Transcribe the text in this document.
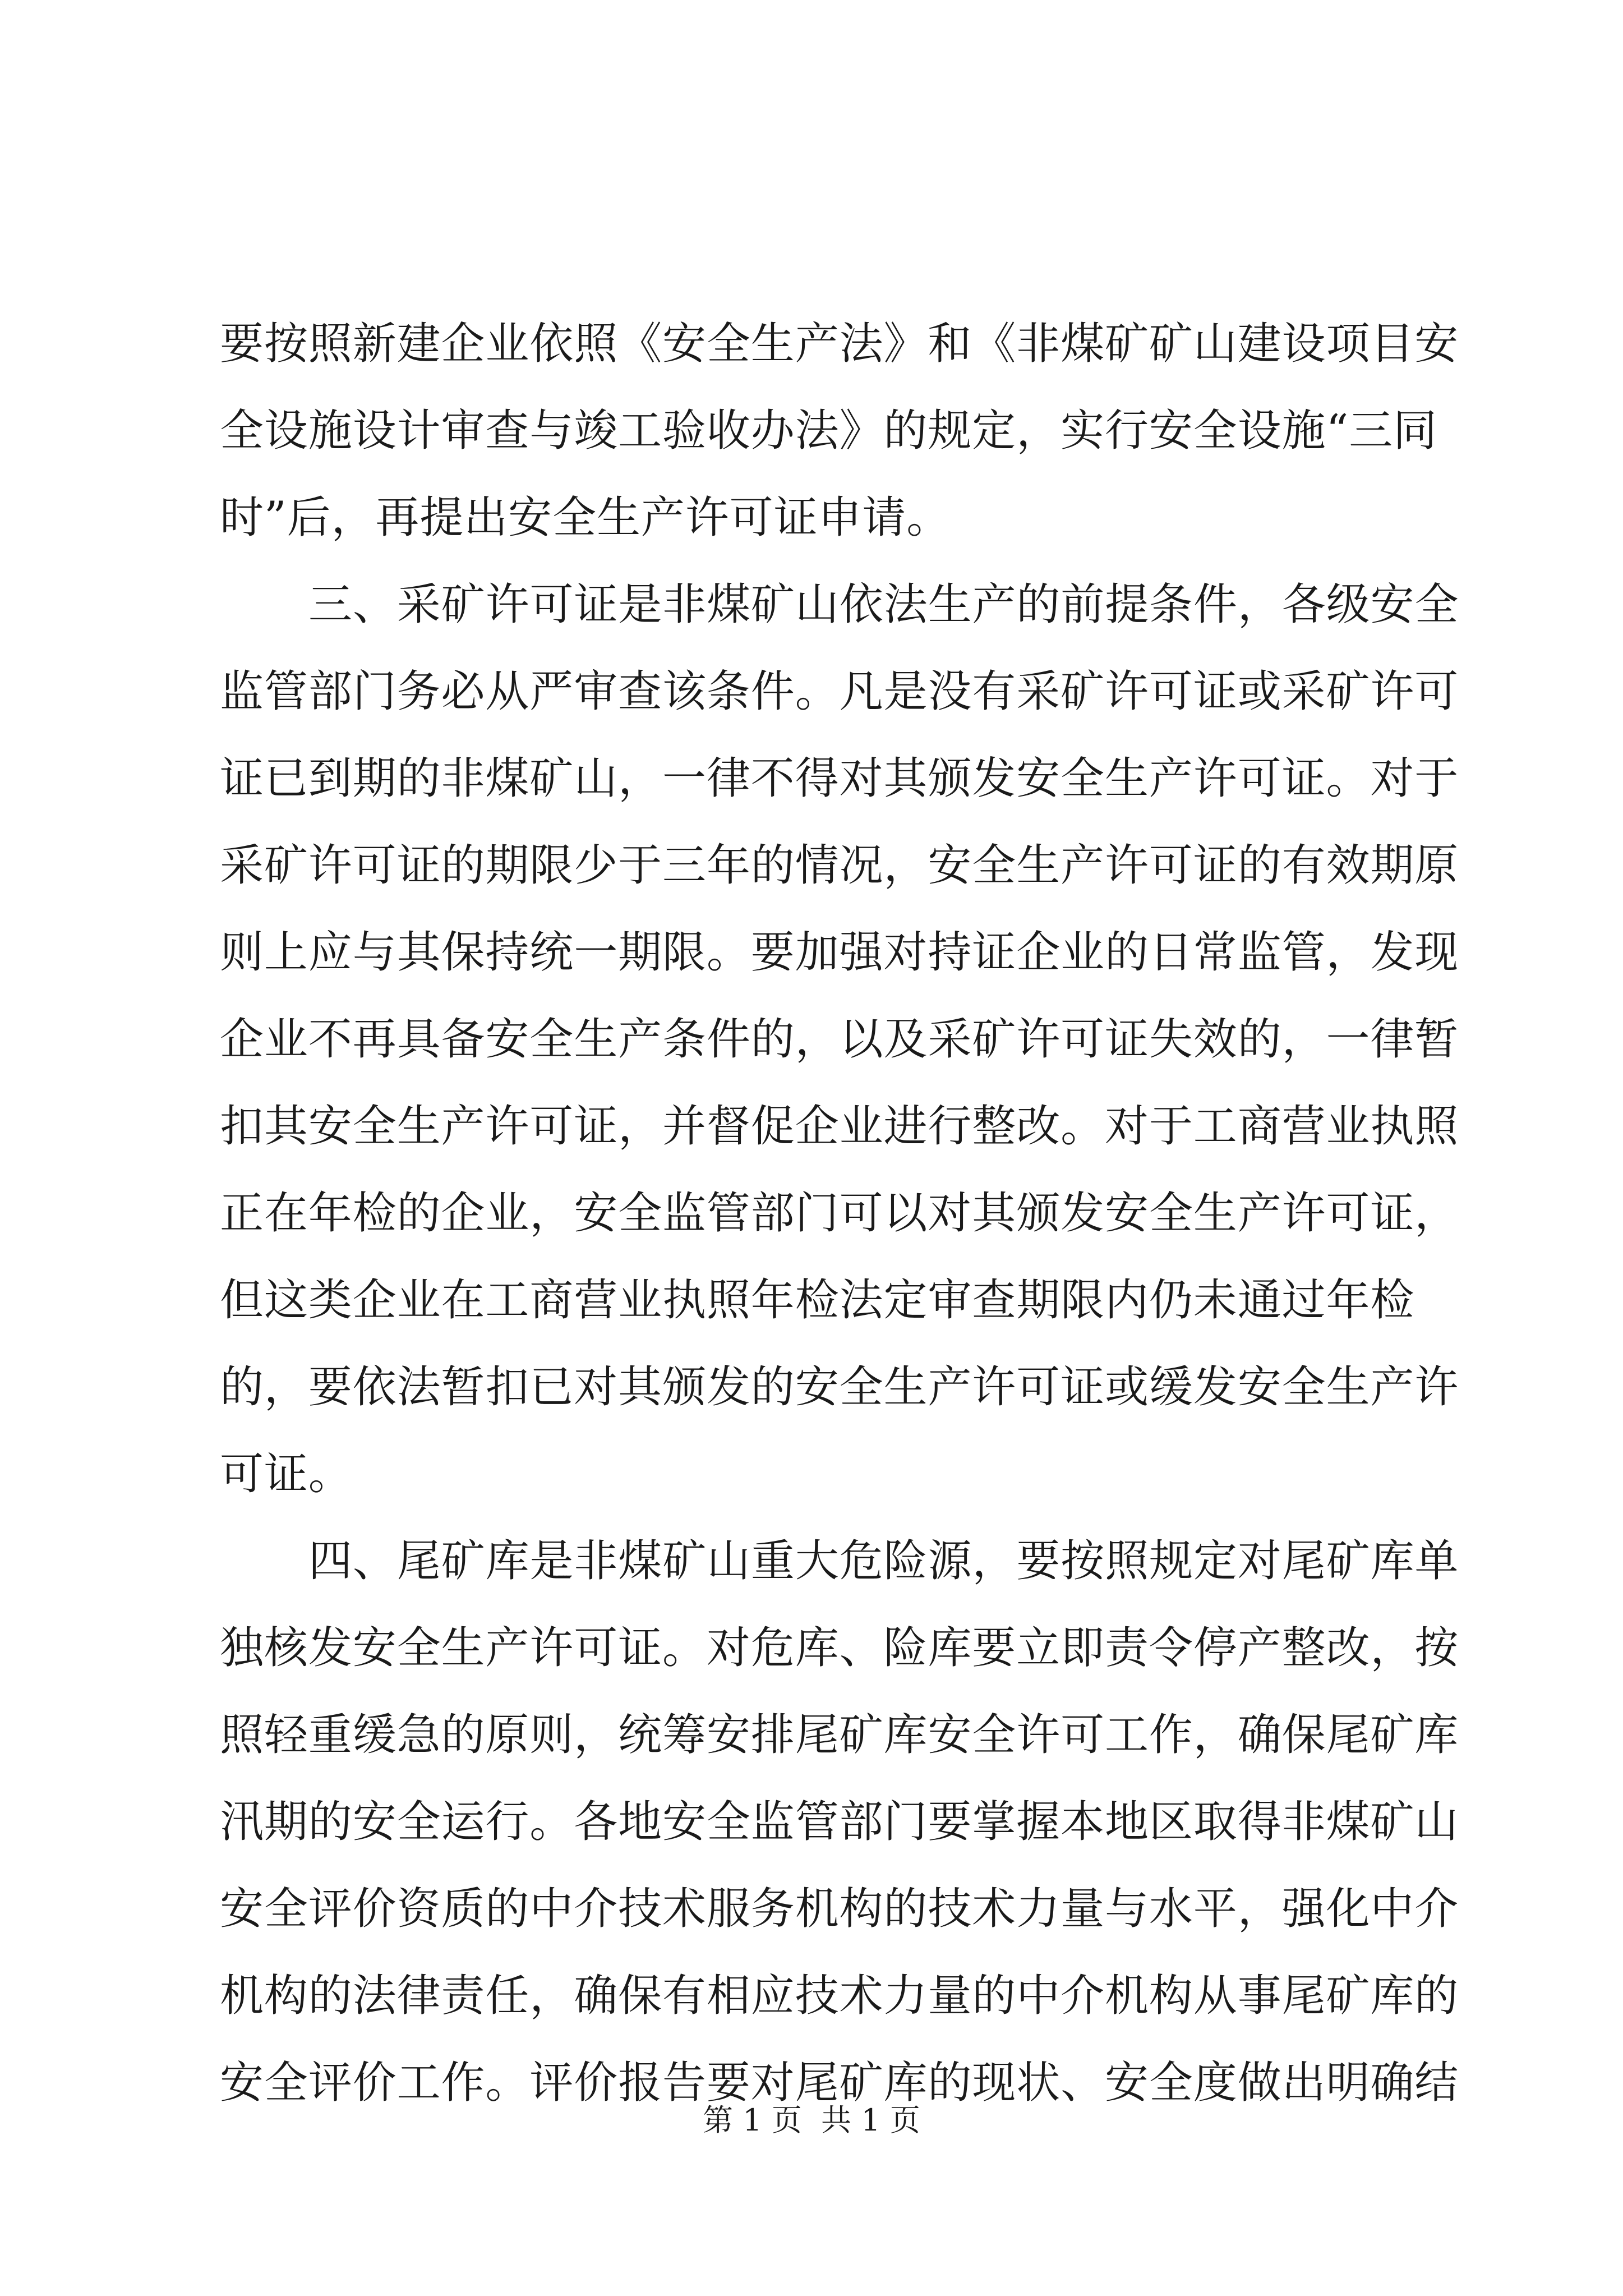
要按照新建企业依照《安全生产法》和《非煤矿矿山建设项目安
全设施设计审查与竣工验收办法》的规定，实行安全设施“三同
时”后，再提出安全生产许可证申请。
三、采矿许可证是非煤矿山依法生产的前提条件，各级安全
监管部门务必从严审查该条件。凡是没有采矿许可证或采矿许可
证已到期的非煤矿山，一律不得对其颁发安全生产许可证。对于
采矿许可证的期限少于三年的情况，安全生产许可证的有效期原
则上应与其保持统一期限。要加强对持证企业的日常监管，发现
企业不再具备安全生产条件的，以及采矿许可证失效的，一律暂
扣其安全生产许可证，并督促企业进行整改。对于工商营业执照
正在年检的企业，安全监管部门可以对其颁发安全生产许可证，
但这类企业在工商营业执照年检法定审查期限内仍未通过年检
的，要依法暂扣已对其颁发的安全生产许可证或缓发安全生产许
可证。
四、尾矿库是非煤矿山重大危险源，要按照规定对尾矿库单
独核发安全生产许可证。对危库、险库要立即责令停产整改，按
照轻重缓急的原则，统筹安排尾矿库安全许可工作，确保尾矿库
汛期的安全运行。各地安全监管部门要掌握本地区取得非煤矿山
安全评价资质的中介技术服务机构的技术力量与水平，强化中介
机构的法律责任，确保有相应技术力量的中介机构从事尾矿库的
安全评价工作。评价报告要对尾矿库的现状、安全度做出明确结
第 1 页  共 1 页
